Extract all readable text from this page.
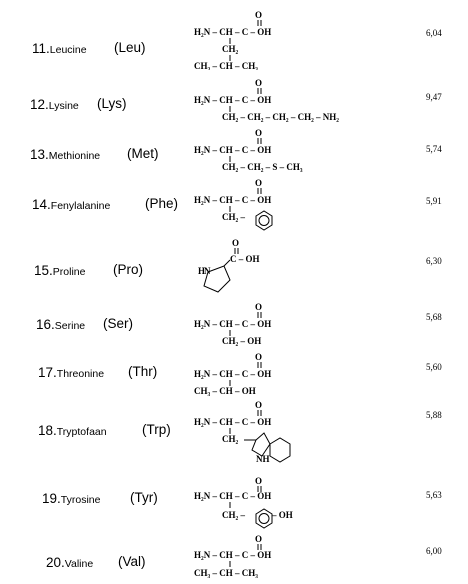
11.Leucine (Leu)
O
H₂N – CH – C – OH
CH₂
CH₃ – CH – CH₃
6,04
12.Lysine (Lys)
O
H₂N – CH – C – OH
CH₂ – CH₂ – CH₂ – CH₂ – NH₂
9,47
13.Methionine (Met)
O
H₂N – CH – C – OH
CH₂ – CH₂ – S – CH₃
5,74
14.Fenylalanine	(Phe)
O
H₂N – CH – C – OH
CH₂ –
5,91
15.Proline (Pro)
O
C – OH
H
N
6,30
16.Serine (Ser)
O
H₂N – CH – C – OH
CH₂ – OH
5,68
17.Threonine (Thr)
O
H₂N – CH – C – OH
CH₃ – CH – OH
5,60
18.Tryptofaan	(Trp)
O
H₂N – CH – C – OH
CH₂
NH
5,88
19.Tyrosine (Tyr)
O
H₂N – CH – C – OH
CH₂ –	– OH
5,63
20.Valine (Val)
O
H₂N – CH – C – OH
CH₃ – CH – CH₃
6,00
